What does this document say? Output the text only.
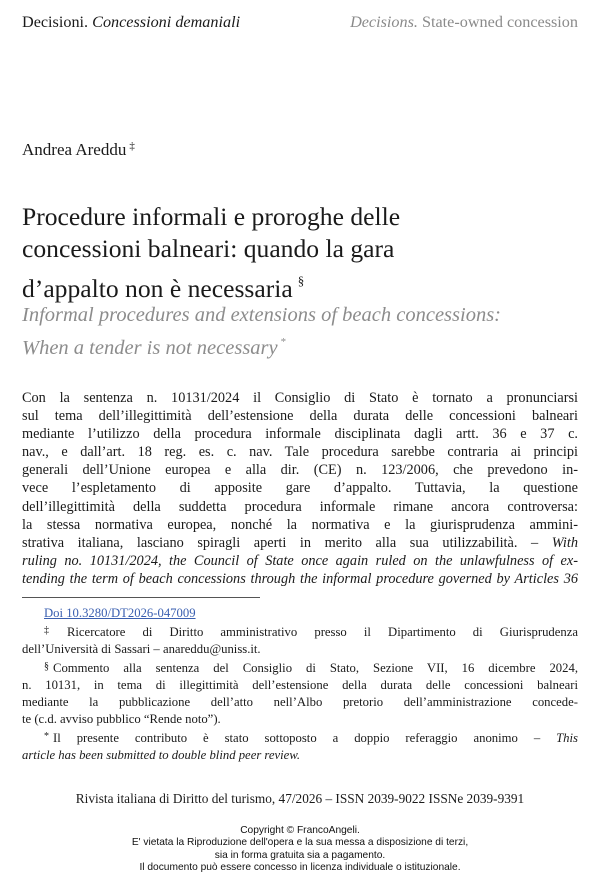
Decisioni. Concessioni demaniali	Decisions. State-owned concession
Andrea Areddu ‡
Procedure informali e proroghe delle
concessioni balneari: quando la gara
d’appalto non è necessaria §
Informal procedures and extensions of beach concessions:
When a tender is not necessary *

Con la sentenza n. 10131/2024 il Consiglio di Stato è tornato a pronunciarsi

sul tema dell’illegittimità dell’estensione della durata delle concessioni balneari

mediante l’utilizzo della procedura informale disciplinata dagli artt. 36 e 37 c.

nav., e dall’art. 18 reg. es. c. nav. Tale procedura sarebbe contraria ai principi

generali dell’Unione europea e alla dir. (CE) n. 123/2006, che prevedono in-

vece l’espletamento di apposite gare d’appalto. Tuttavia, la questione

dell’illegittimità della suddetta procedura informale rimane ancora controversa:

la stessa normativa europea, nonché la normativa e la giurisprudenza ammini-

strativa italiana, lasciano spiragli aperti in merito alla sua utilizzabilità. – With

ruling no. 10131/2024, the Council of State once again ruled on the unlawfulness of ex-

tending the term of beach concessions through the informal procedure governed by Articles 36

Doi 10.3280/DT2026-047009

‡ Ricercatore di Diritto amministrativo presso il Dipartimento di Giurisprudenza

dell’Università di Sassari – anareddu@uniss.it.

§ Commento alla sentenza del Consiglio di Stato, Sezione VII, 16 dicembre 2024,

n. 10131, in tema di illegittimità dell’estensione della durata delle concessioni balneari

mediante la pubblicazione dell’atto nell’Albo pretorio dell’amministrazione concede-

te (c.d. avviso pubblico “Rende noto”).

* Il presente contributo è stato sottoposto a doppio referaggio anonimo – This

article has been submitted to double blind peer review.

Rivista italiana di Diritto del turismo, 47/2026 – ISSN 2039-9022 ISSNe 2039-9391
Copyright © FrancoAngeli.
E' vietata la Riproduzione dell'opera e la sua messa a disposizione di terzi,
sia in forma gratuita sia a pagamento.
Il documento può essere concesso in licenza individuale o istituzionale.
